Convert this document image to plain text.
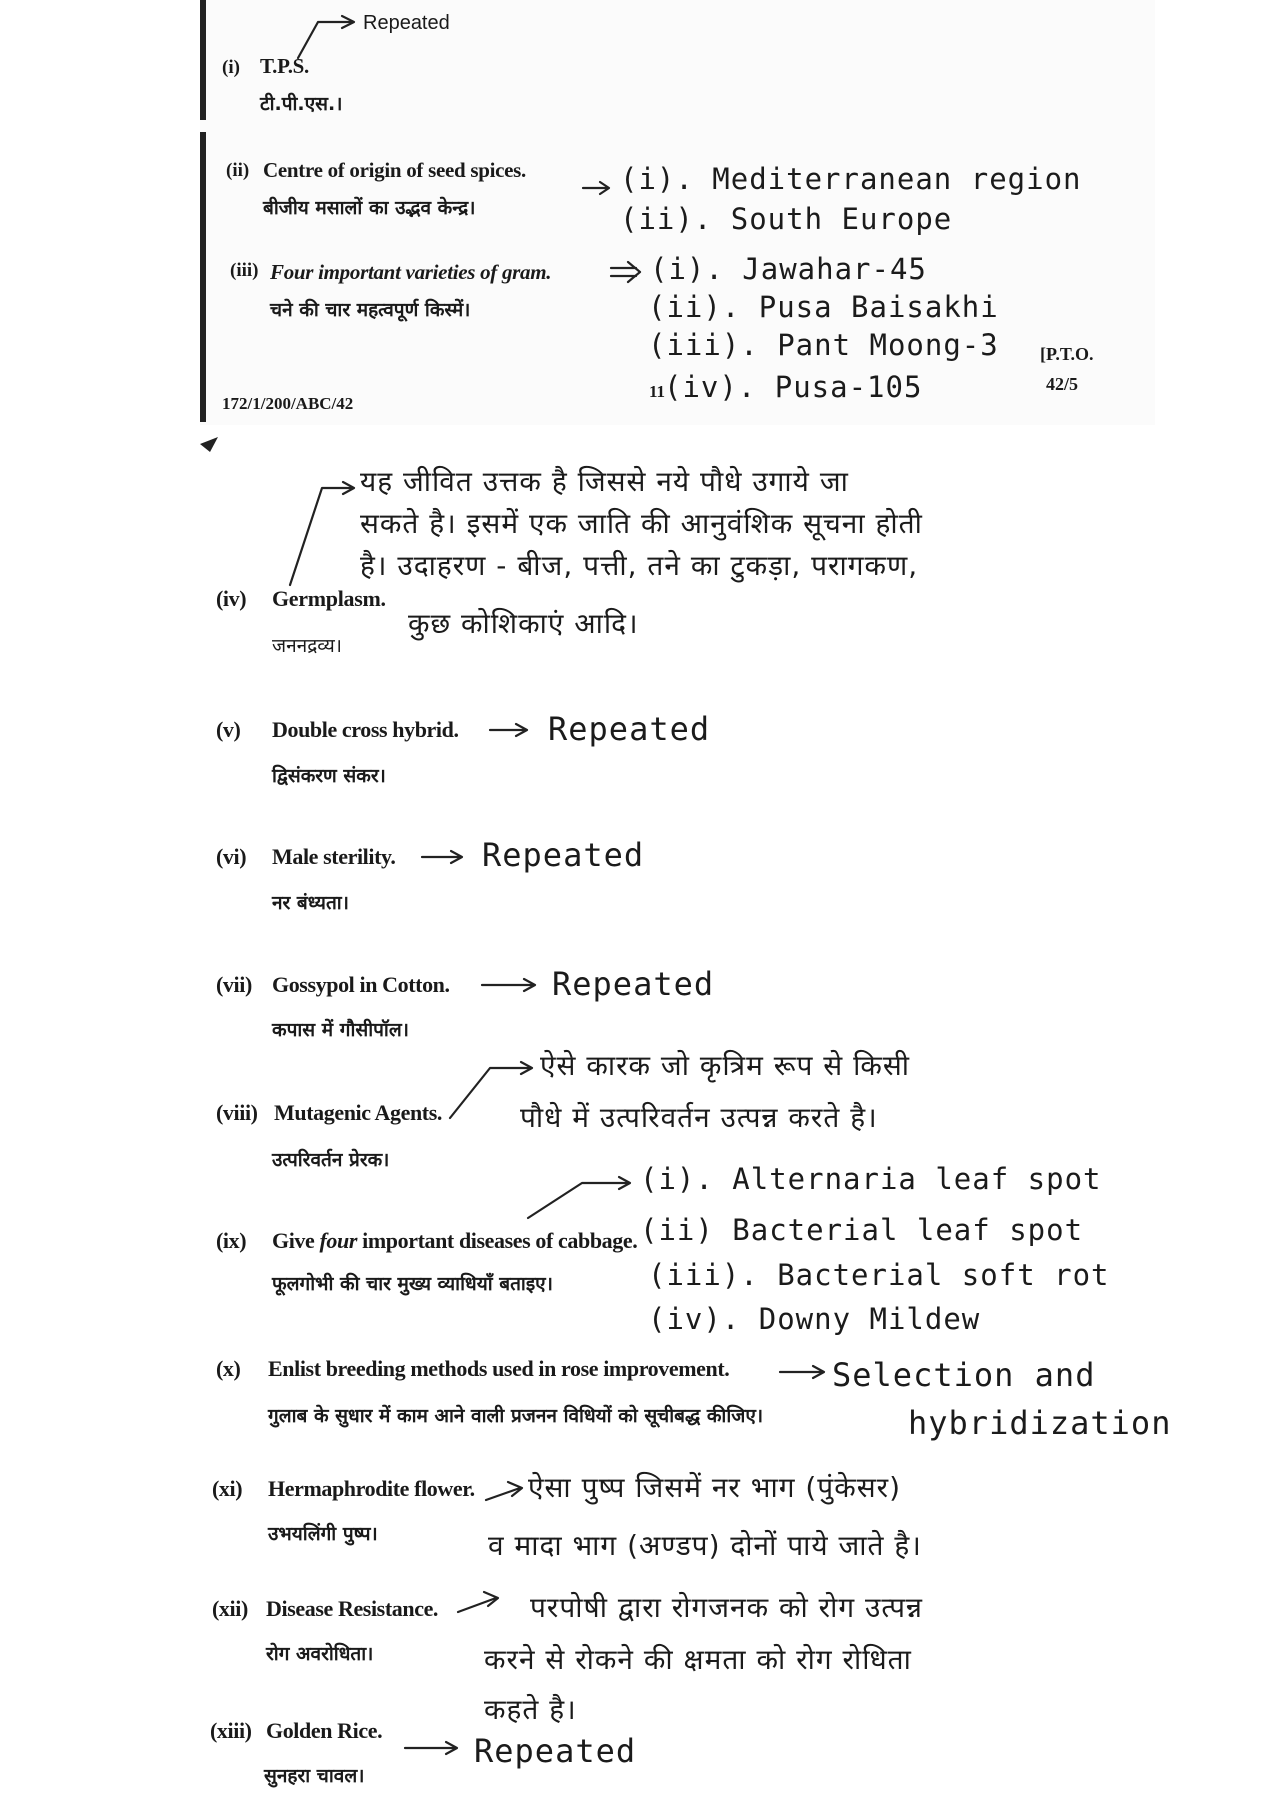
Repeated
(i) T.P.S.
टी.पी.एस.।
(ii) Centre of origin of seed spices.
बीजीय मसालों का उद्भव केन्द्र।
(i). Mediterranean region
(ii). South Europe
(iii) Four important varieties of gram.
चने की चार महत्वपूर्ण किस्में।
(i). Jawahar-45
(ii). Pusa Baisakhi
(iii). Pant Moong-3
(iv). Pusa-105
172/1/200/ABC/42
11
[P.T.O.
42/5
यह जीवित उत्तक है जिससे नये पौधे उगाये जा
सकते है। इसमें एक जाति की आनुवंशिक सूचना होती
है। उदाहरण - बीज, पत्ती, तने का टुकड़ा, परागकण,
कुछ कोशिकाएं आदि।
(iv) Germplasm.
जननद्रव्य।
(v) Double cross hybrid.
द्विसंकरण संकर।
Repeated
(vi) Male sterility.
नर बंध्यता।
Repeated
(vii) Gossypol in Cotton.
कपास में गौसीपॉल।
Repeated
ऐसे कारक जो कृत्रिम रूप से किसी
पौधे में उत्परिवर्तन उत्पन्न करते है।
(viii) Mutagenic Agents.
उत्परिवर्तन प्रेरक।
(i). Alternaria leaf spot
(ii) Bacterial leaf spot
(iii). Bacterial soft rot
(iv). Downy Mildew
(ix) Give four important diseases of cabbage.
फूलगोभी की चार मुख्य व्याधियाँ बताइए।
(x) Enlist breeding methods used in rose improvement.
गुलाब के सुधार में काम आने वाली प्रजनन विधियों को सूचीबद्ध कीजिए।
Selection and
hybridization
(xi) Hermaphrodite flower.
उभयलिंगी पुष्प।
ऐसा पुष्प जिसमें नर भाग (पुंकेसर)
व मादा भाग (अण्डप) दोनों पाये जाते है।
(xii) Disease Resistance.
रोग अवरोधिता।
परपोषी द्वारा रोगजनक को रोग उत्पन्न
करने से रोकने की क्षमता को रोग रोधिता
कहते है।
(xiii) Golden Rice.
सुनहरा चावल।
Repeated
